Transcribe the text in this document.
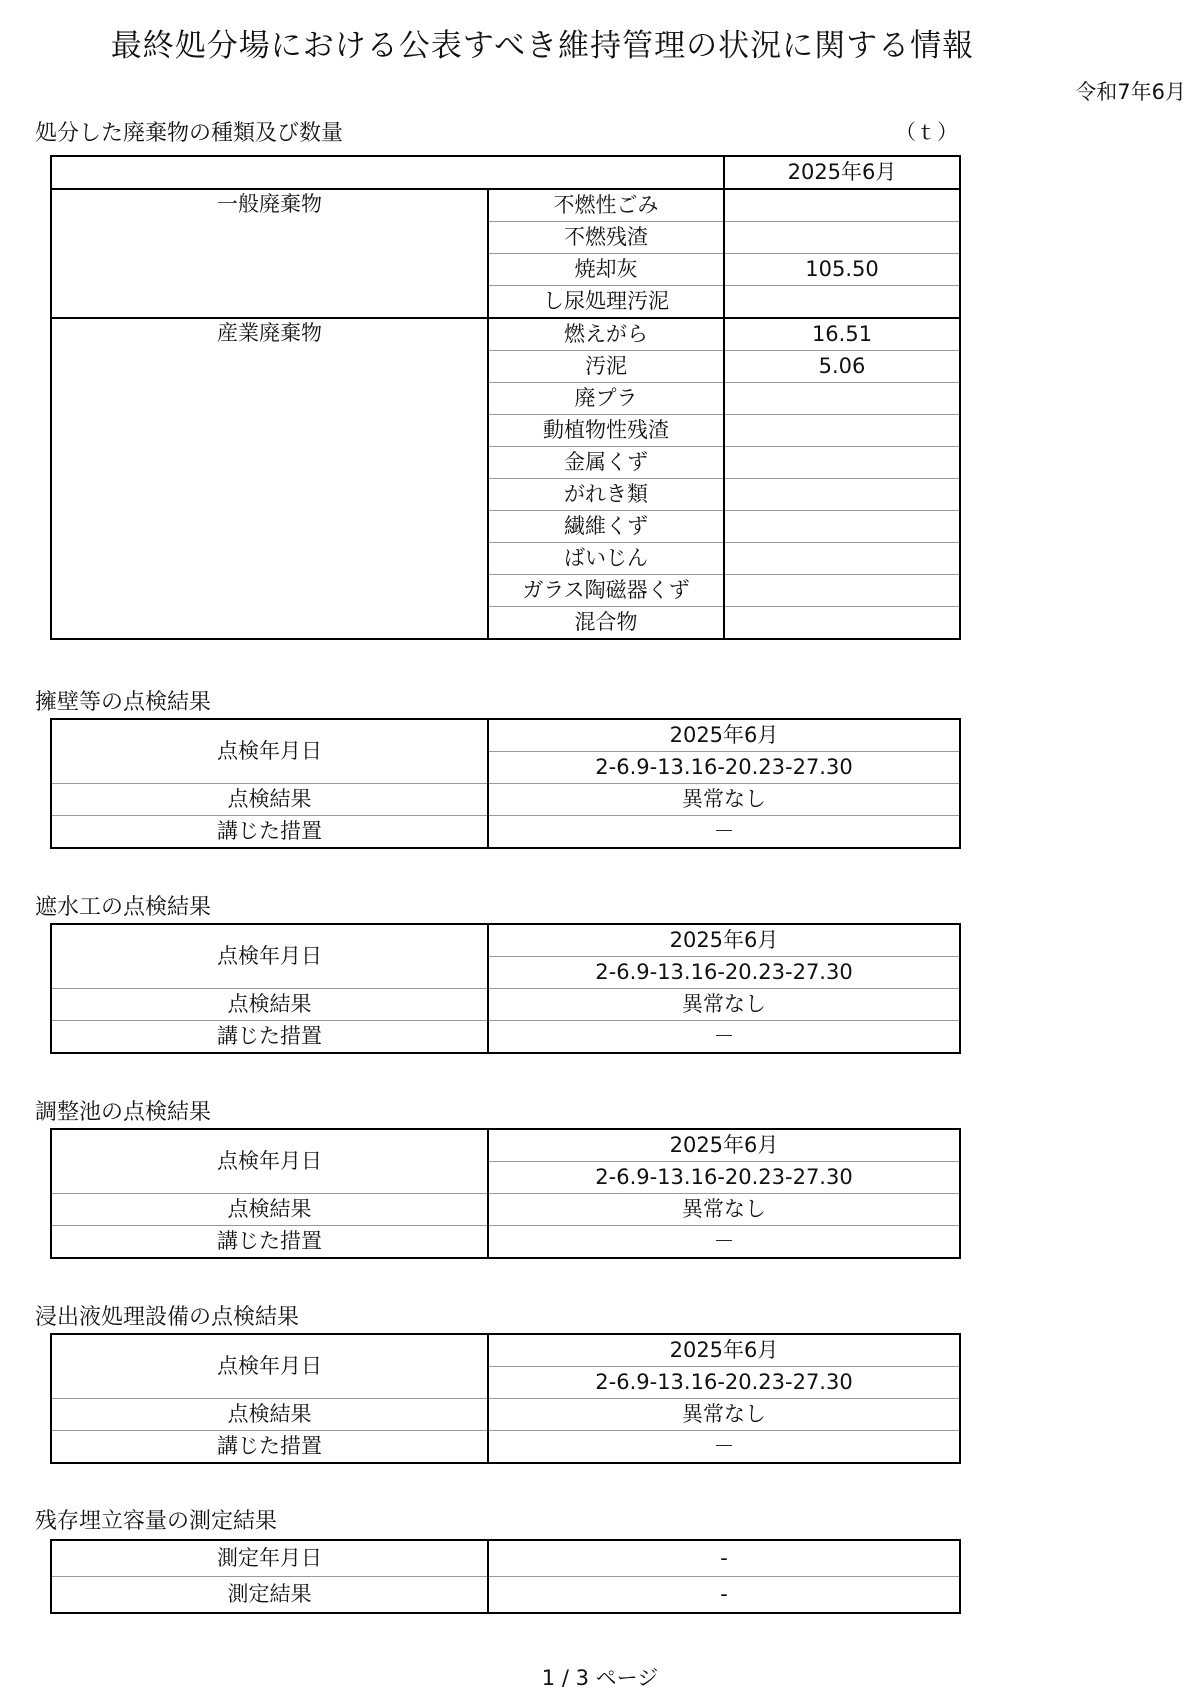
最終処分場における公表すべき維持管理の状況に関する情報
令和7年6月
処分した廃棄物の種類及び数量	（ｔ）
		2025年6月
一般廃棄物	不燃性ごみ	
	不燃残渣	
	焼却灰	105.50
	し尿処理汚泥	
産業廃棄物	燃えがら	16.51
	汚泥	5.06
	廃プラ	
	動植物性残渣	
	金属くず	
	がれき類	
	繊維くず	
	ばいじん	
	ガラス陶磁器くず	
	混合物	
擁壁等の点検結果
点検年月日	2025年6月
	2-6.9-13.16-20.23-27.30
点検結果	異常なし
講じた措置	－
遮水工の点検結果
点検年月日	2025年6月
	2-6.9-13.16-20.23-27.30
点検結果	異常なし
講じた措置	－
調整池の点検結果
点検年月日	2025年6月
	2-6.9-13.16-20.23-27.30
点検結果	異常なし
講じた措置	－
浸出液処理設備の点検結果
点検年月日	2025年6月
	2-6.9-13.16-20.23-27.30
点検結果	異常なし
講じた措置	－
残存埋立容量の測定結果
測定年月日	-
測定結果	-
1 / 3 ページ
